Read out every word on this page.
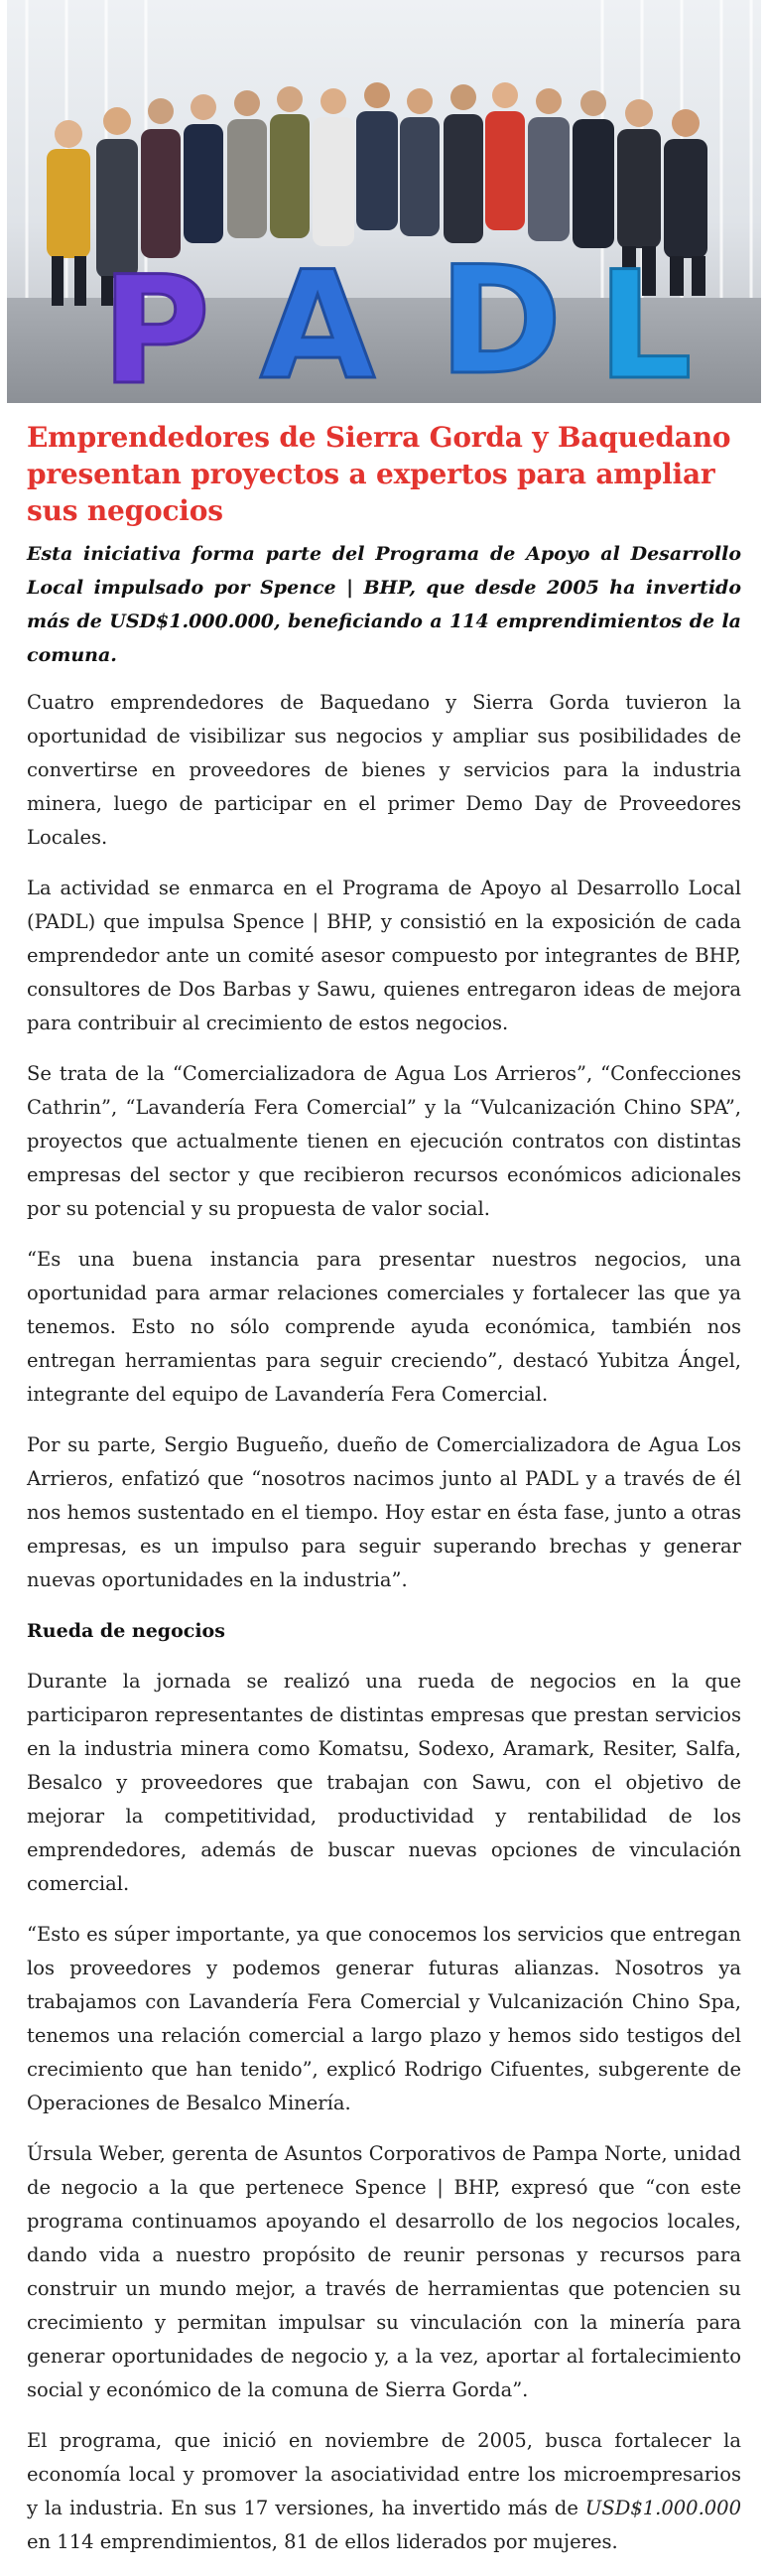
P A D L
Emprendedores de Sierra Gorda y Baquedano presentan proyectos a expertos para ampliar sus negocios

Esta iniciativa forma parte del Programa de Apoyo al Desarrollo Local impulsado por Spence | BHP, que desde 2005 ha invertido más de USD$1.000.000, beneficiando a 114 emprendimientos de la comuna.

Cuatro emprendedores de Baquedano y Sierra Gorda tuvieron la oportunidad de visibilizar sus negocios y ampliar sus posibilidades de convertirse en proveedores de bienes y servicios para la industria minera, luego de participar en el primer Demo Day de Proveedores Locales.

La actividad se enmarca en el Programa de Apoyo al Desarrollo Local (PADL) que impulsa Spence | BHP, y consistió en la exposición de cada emprendedor ante un comité asesor compuesto por integrantes de BHP, consultores de Dos Barbas y Sawu, quienes entregaron ideas de mejora para contribuir al crecimiento de estos negocios.

Se trata de la “Comercializadora de Agua Los Arrieros”, “Confecciones Cathrin”, “Lavandería Fera Comercial” y la “Vulcanización Chino SPA”, proyectos que actualmente tienen en ejecución contratos con distintas empresas del sector y que recibieron recursos económicos adicionales por su potencial y su propuesta de valor social.

“Es una buena instancia para presentar nuestros negocios, una oportunidad para armar relaciones comerciales y fortalecer las que ya tenemos. Esto no sólo comprende ayuda económica, también nos entregan herramientas para seguir creciendo”, destacó Yubitza Ángel, integrante del equipo de Lavandería Fera Comercial.

Por su parte, Sergio Bugueño, dueño de Comercializadora de Agua Los Arrieros, enfatizó que “nosotros nacimos junto al PADL y a través de él nos hemos sustentado en el tiempo. Hoy estar en ésta fase, junto a otras empresas, es un impulso para seguir superando brechas y generar nuevas oportunidades en la industria”.

Rueda de negocios

Durante la jornada se realizó una rueda de negocios en la que participaron representantes de distintas empresas que prestan servicios en la industria minera como Komatsu, Sodexo, Aramark, Resiter, Salfa, Besalco y proveedores que trabajan con Sawu, con el objetivo de mejorar la competitividad, productividad y rentabilidad de los emprendedores, además de buscar nuevas opciones de vinculación comercial.

“Esto es súper importante, ya que conocemos los servicios que entregan los proveedores y podemos generar futuras alianzas. Nosotros ya trabajamos con Lavandería Fera Comercial y Vulcanización Chino Spa, tenemos una relación comercial a largo plazo y hemos sido testigos del crecimiento que han tenido”, explicó Rodrigo Cifuentes, subgerente de Operaciones de Besalco Minería.

Úrsula Weber, gerenta de Asuntos Corporativos de Pampa Norte, unidad de negocio a la que pertenece Spence | BHP, expresó que “con este programa continuamos apoyando el desarrollo de los negocios locales, dando vida a nuestro propósito de reunir personas y recursos para construir un mundo mejor, a través de herramientas que potencien su crecimiento y permitan impulsar su vinculación con la minería para generar oportunidades de negocio y, a la vez, aportar al fortalecimiento social y económico de la comuna de Sierra Gorda”.

El programa, que inició en noviembre de 2005, busca fortalecer la economía local y promover la asociatividad entre los microempresarios y la industria. En sus 17 versiones, ha invertido más de USD$1.000.000 en 114 emprendimientos, 81 de ellos liderados por mujeres.
